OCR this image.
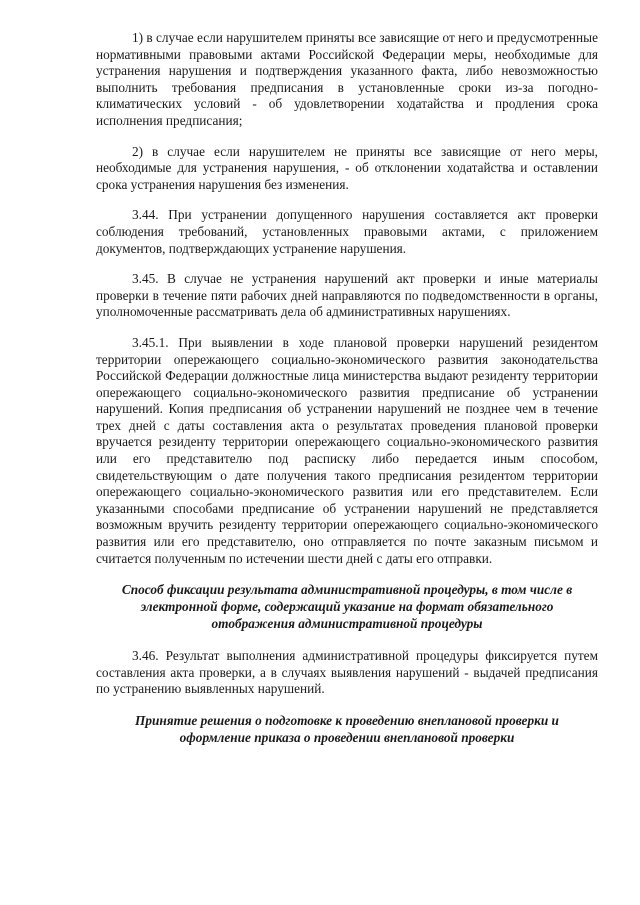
1) в случае если нарушителем приняты все зависящие от него и предусмотренные нормативными правовыми актами Российской Федерации меры, необходимые для устранения нарушения и подтверждения указанного факта, либо невозможностью выполнить требования предписания в установленные сроки из-за погодно-климатических условий - об удовлетворении ходатайства и продления срока исполнения предписания;

2) в случае если нарушителем не приняты все зависящие от него меры, необходимые для устранения нарушения, - об отклонении ходатайства и оставлении срока устранения нарушения без изменения.

3.44. При устранении допущенного нарушения составляется акт проверки соблюдения требований, установленных правовыми актами, с приложением документов, подтверждающих устранение нарушения.

3.45. В случае не устранения нарушений акт проверки и иные материалы проверки в течение пяти рабочих дней направляются по подведомственности в органы, уполномоченные рассматривать дела об административных нарушениях.

3.45.1. При выявлении в ходе плановой проверки нарушений резидентом территории опережающего социально-экономического развития законодательства Российской Федерации должностные лица министерства выдают резиденту территории опережающего социально-экономического развития предписание об устранении нарушений. Копия предписания об устранении нарушений не позднее чем в течение трех дней с даты составления акта о результатах проведения плановой проверки вручается резиденту территории опережающего социально-экономического развития или его представителю под расписку либо передается иным способом, свидетельствующим о дате получения такого предписания резидентом территории опережающего социально-экономического развития или его представителем. Если указанными способами предписание об устранении нарушений не представляется возможным вручить резиденту территории опережающего социально-экономического развития или его представителю, оно отправляется по почте заказным письмом и считается полученным по истечении шести дней с даты его отправки.

Способ фиксации результата административной процедуры, в том числе в электронной форме, содержащий указание на формат обязательного отображения административной процедуры

3.46. Результат выполнения административной процедуры фиксируется путем составления акта проверки, а в случаях выявления нарушений - выдачей предписания по устранению выявленных нарушений.

Принятие решения о подготовке к проведению внеплановой проверки и оформление приказа о проведении внеплановой проверки
